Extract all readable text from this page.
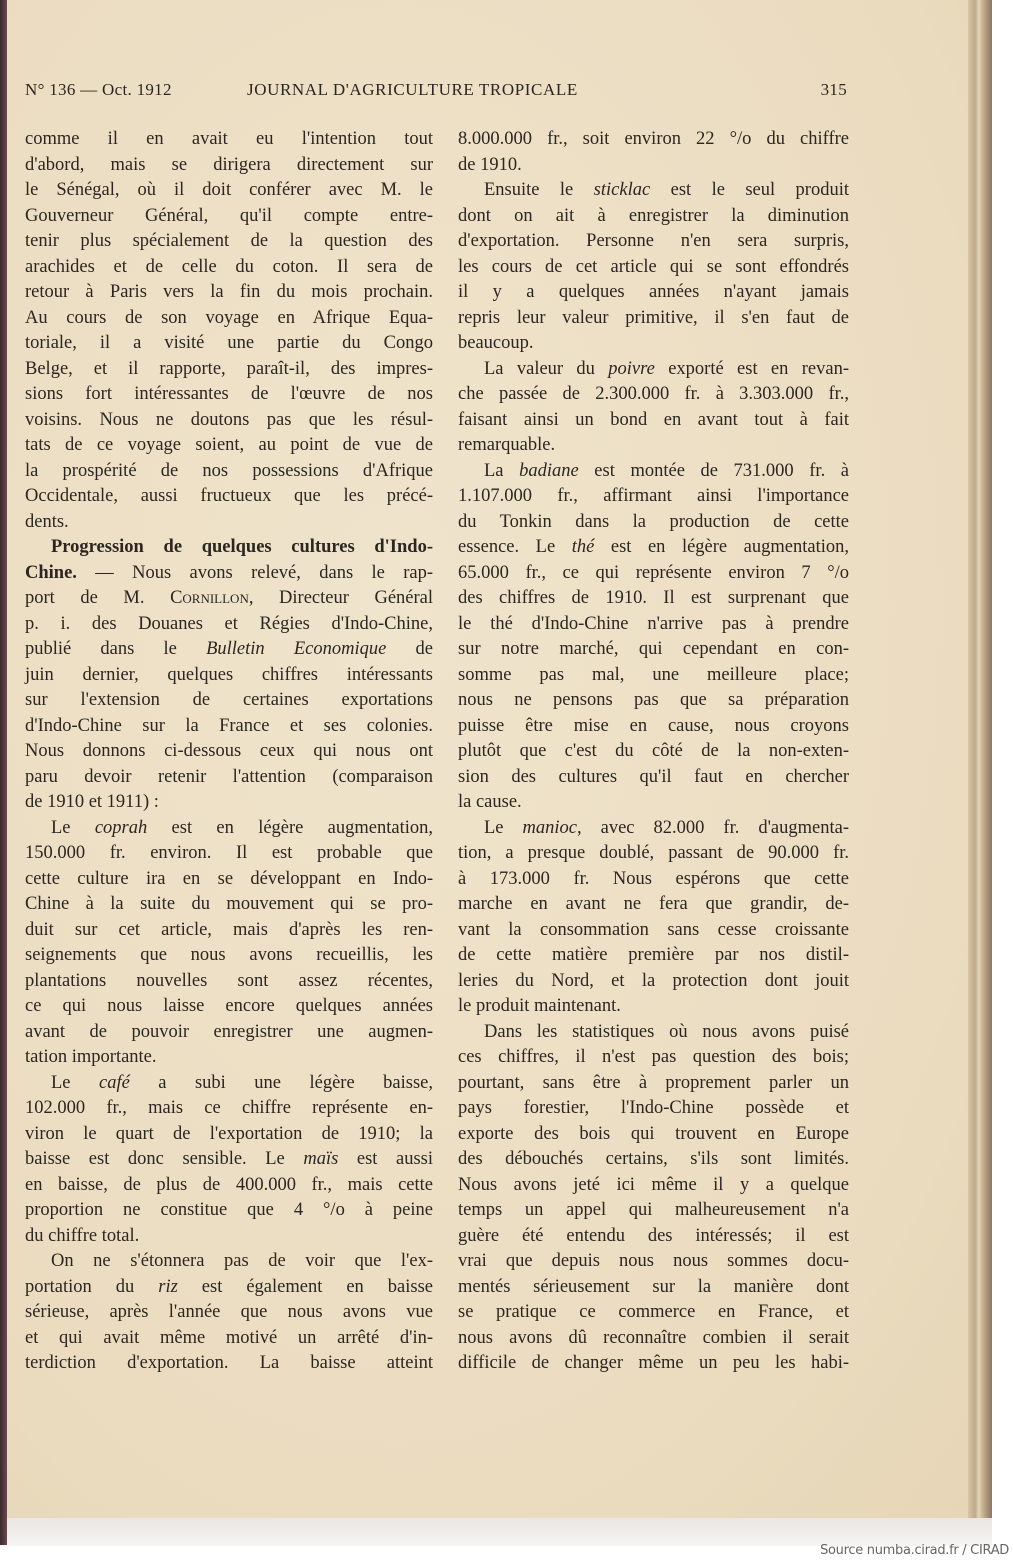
N° 136 — Oct. 1912	JOURNAL D'AGRICULTURE TROPICALE	315
comme il en avait eu l'intention tout
d'abord, mais se dirigera directement sur
le Sénégal, où il doit conférer avec M. le
Gouverneur Général, qu'il compte entre-
tenir plus spécialement de la question des
arachides et de celle du coton. Il sera de
retour à Paris vers la fin du mois prochain.
Au cours de son voyage en Afrique Equa-
toriale, il a visité une partie du Congo
Belge, et il rapporte, paraît-il, des impres-
sions fort intéressantes de l'œuvre de nos
voisins. Nous ne doutons pas que les résul-
tats de ce voyage soient, au point de vue de
la prospérité de nos possessions d'Afrique
Occidentale, aussi fructueux que les précé-
dents.
Progression de quelques cultures d'Indo-
Chine. — Nous avons relevé, dans le rap-
port de M. Cornillon, Directeur Général
p. i. des Douanes et Régies d'Indo-Chine,
publié dans le Bulletin Economique de
juin dernier, quelques chiffres intéressants
sur l'extension de certaines exportations
d'Indo-Chine sur la France et ses colonies.
Nous donnons ci-dessous ceux qui nous ont
paru devoir retenir l'attention (comparaison
de 1910 et 1911) :
Le coprah est en légère augmentation,
150.000 fr. environ. Il est probable que
cette culture ira en se développant en Indo-
Chine à la suite du mouvement qui se pro-
duit sur cet article, mais d'après les ren-
seignements que nous avons recueillis, les
plantations nouvelles sont assez récentes,
ce qui nous laisse encore quelques années
avant de pouvoir enregistrer une augmen-
tation importante.
Le café a subi une légère baisse,
102.000 fr., mais ce chiffre représente en-
viron le quart de l'exportation de 1910; la
baisse est donc sensible. Le maïs est aussi
en baisse, de plus de 400.000 fr., mais cette
proportion ne constitue que 4 °/o à peine
du chiffre total.
On ne s'étonnera pas de voir que l'ex-
portation du riz est également en baisse
sérieuse, après l'année que nous avons vue
et qui avait même motivé un arrêté d'in-
terdiction d'exportation. La baisse atteint
8.000.000 fr., soit environ 22 °/o du chiffre
de 1910.
Ensuite le sticklac est le seul produit
dont on ait à enregistrer la diminution
d'exportation. Personne n'en sera surpris,
les cours de cet article qui se sont effondrés
il y a quelques années n'ayant jamais
repris leur valeur primitive, il s'en faut de
beaucoup.
La valeur du poivre exporté est en revan-
che passée de 2.300.000 fr. à 3.303.000 fr.,
faisant ainsi un bond en avant tout à fait
remarquable.
La badiane est montée de 731.000 fr. à
1.107.000 fr., affirmant ainsi l'importance
du Tonkin dans la production de cette
essence. Le thé est en légère augmentation,
65.000 fr., ce qui représente environ 7 °/o
des chiffres de 1910. Il est surprenant que
le thé d'Indo-Chine n'arrive pas à prendre
sur notre marché, qui cependant en con-
somme pas mal, une meilleure place;
nous ne pensons pas que sa préparation
puisse être mise en cause, nous croyons
plutôt que c'est du côté de la non-exten-
sion des cultures qu'il faut en chercher
la cause.
Le manioc, avec 82.000 fr. d'augmenta-
tion, a presque doublé, passant de 90.000 fr.
à 173.000 fr. Nous espérons que cette
marche en avant ne fera que grandir, de-
vant la consommation sans cesse croissante
de cette matière première par nos distil-
leries du Nord, et la protection dont jouit
le produit maintenant.
Dans les statistiques où nous avons puisé
ces chiffres, il n'est pas question des bois;
pourtant, sans être à proprement parler un
pays forestier, l'Indo-Chine possède et
exporte des bois qui trouvent en Europe
des débouchés certains, s'ils sont limités.
Nous avons jeté ici même il y a quelque
temps un appel qui malheureusement n'a
guère été entendu des intéressés; il est
vrai que depuis nous nous sommes docu-
mentés sérieusement sur la manière dont
se pratique ce commerce en France, et
nous avons dû reconnaître combien il serait
difficile de changer même un peu les habi-
Source numba.cirad.fr / CIRAD
